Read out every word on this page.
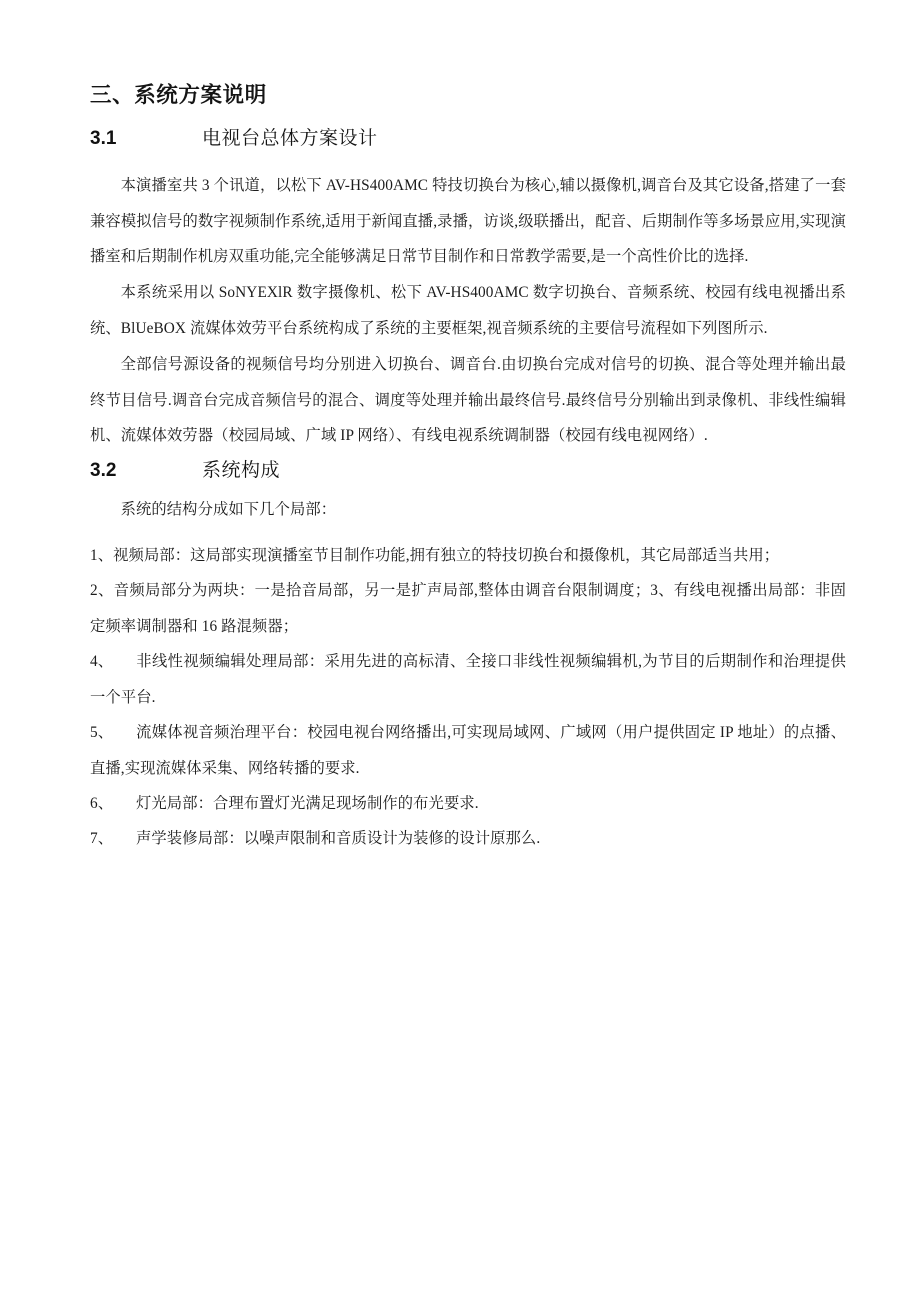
三、系统方案说明
3.1	电视台总体方案设计

本演播室共 3 个讯道，以松下 AV-HS400AMC 特技切换台为核心,辅以摄像机,调音台及其它设备,搭建了一套兼容模拟信号的数字视频制作系统,适用于新闻直播,录播，访谈,级联播出，配音、后期制作等多场景应用,实现演播室和后期制作机房双重功能,完全能够满足日常节目制作和日常教学需要,是一个高性价比的选择.

本系统采用以 SoNYEXlR 数字摄像机、松下 AV-HS400AMC 数字切换台、音频系统、校园有线电视播出系统、BlUeBOX 流媒体效劳平台系统构成了系统的主要框架,视音频系统的主要信号流程如下列图所示.

全部信号源设备的视频信号均分别进入切换台、调音台.由切换台完成对信号的切换、混合等处理并输出最终节目信号.调音台完成音频信号的混合、调度等处理并输出最终信号.最终信号分别输出到录像机、非线性编辑机、流媒体效劳器（校园局域、广域 IP 网络）、有线电视系统调制器（校园有线电视网络）.

3.2	系统构成

系统的结构分成如下几个局部：

1、视频局部：这局部实现演播室节目制作功能,拥有独立的特技切换台和摄像机，其它局部适当共用；

2、音频局部分为两块：一是拾音局部，另一是扩声局部,整体由调音台限制调度；3、有线电视播出局部：非固定频率调制器和 16 路混频器；

4、 非线性视频编辑处理局部：采用先进的高标清、全接口非线性视频编辑机,为节目的后期制作和治理提供一个平台.

5、 流媒体视音频治理平台：校园电视台网络播出,可实现局域网、广域网（用户提供固定 IP 地址）的点播、直播,实现流媒体采集、网络转播的要求.

6、 灯光局部：合理布置灯光满足现场制作的布光要求.

7、 声学装修局部：以噪声限制和音质设计为装修的设计原那么.
